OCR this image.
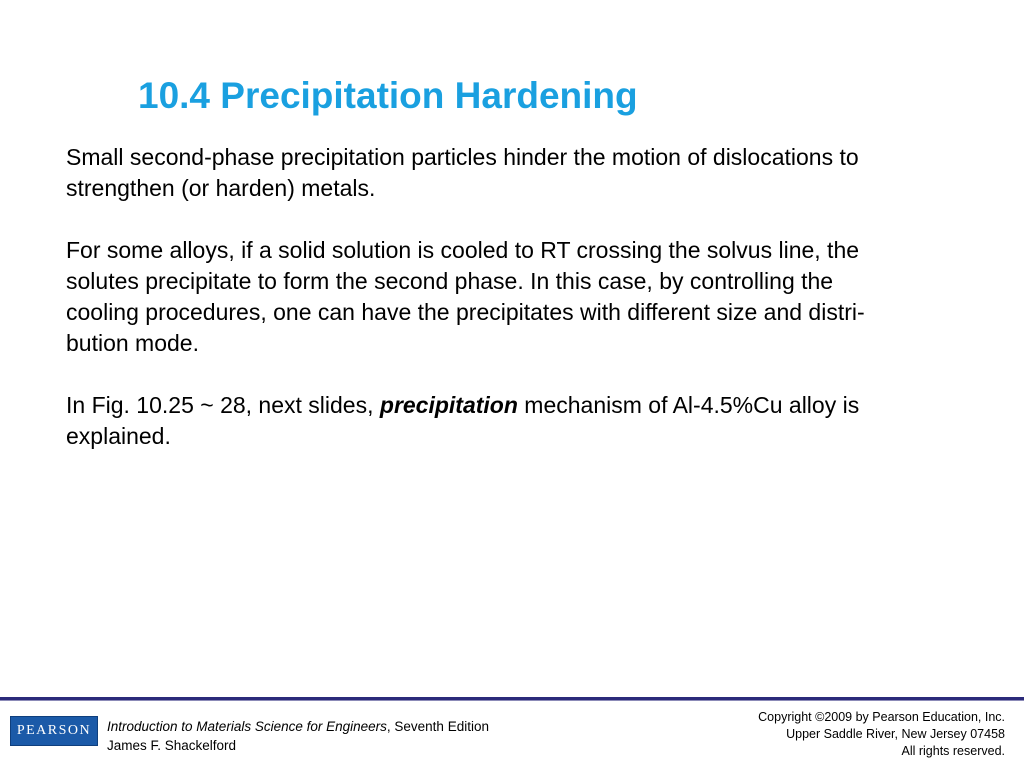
10.4 Precipitation Hardening

Small second-phase precipitation particles hinder the motion of dislocations to
strengthen (or harden) metals.

For some alloys, if a solid solution is cooled to RT crossing the solvus line, the
solutes precipitate to form the second phase. In this case, by controlling the
cooling procedures, one can have the precipitates with different size and distri-
bution mode.

In Fig. 10.25 ~ 28, next slides, precipitation mechanism of Al-4.5%Cu alloy is
explained.

PEARSON Introduction to Materials Science for Engineers, Seventh Edition
James F. Shackelford
Copyright ©2009 by Pearson Education, Inc.
Upper Saddle River, New Jersey 07458
All rights reserved.
